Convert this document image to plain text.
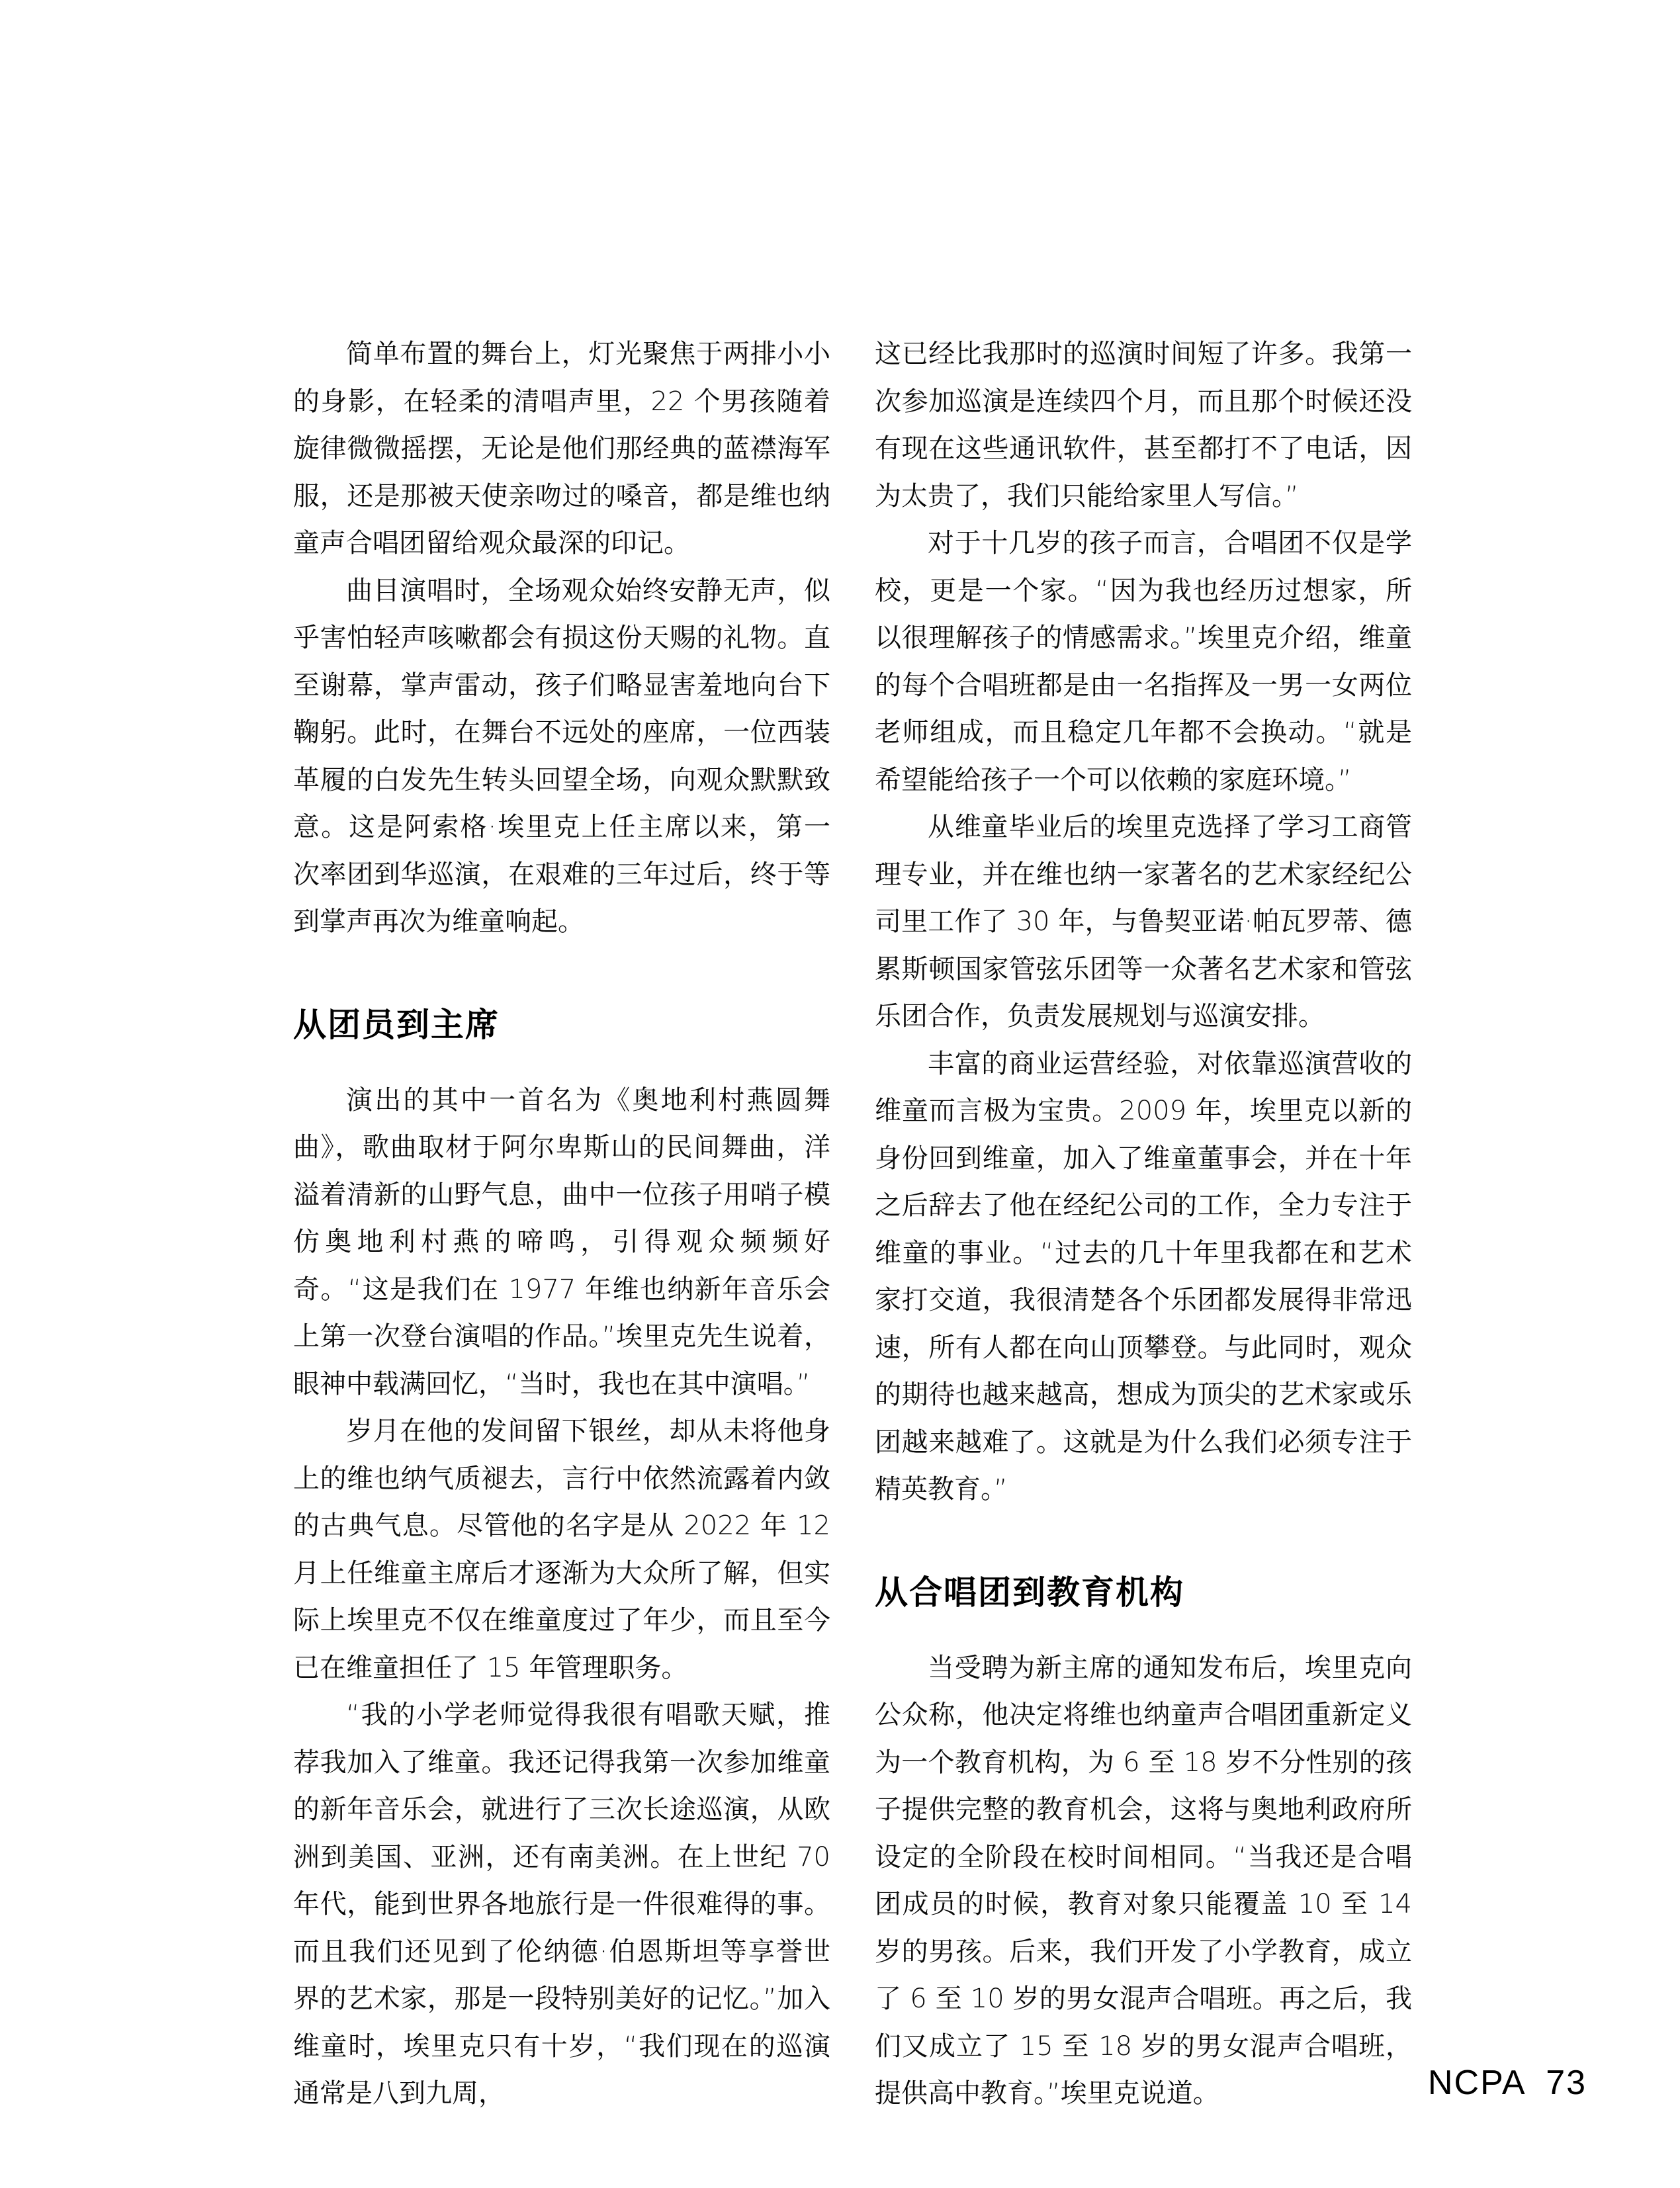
简单布置的舞台上，灯光聚焦于两排小小的身影，在轻柔的清唱声里，22 个男孩随着旋律微微摇摆，无论是他们那经典的蓝襟海军服，还是那被天使亲吻过的嗓音，都是维也纳童声合唱团留给观众最深的印记。

曲目演唱时，全场观众始终安静无声，似乎害怕轻声咳嗽都会有损这份天赐的礼物。直至谢幕，掌声雷动，孩子们略显害羞地向台下鞠躬。此时，在舞台不远处的座席，一位西装革履的白发先生转头回望全场，向观众默默致意。这是阿索格·埃里克上任主席以来，第一次率团到华巡演，在艰难的三年过后，终于等到掌声再次为维童响起。

从团员到主席

演出的其中一首名为《奥地利村燕圆舞曲》，歌曲取材于阿尔卑斯山的民间舞曲，洋溢着清新的山野气息，曲中一位孩子用哨子模仿奥地利村燕的啼鸣，引得观众频频好奇。“这是我们在 1977 年维也纳新年音乐会上第一次登台演唱的作品。”埃里克先生说着，眼神中载满回忆，“当时，我也在其中演唱。”

岁月在他的发间留下银丝，却从未将他身上的维也纳气质褪去，言行中依然流露着内敛的古典气息。尽管他的名字是从 2022 年 12 月上任维童主席后才逐渐为大众所了解，但实际上埃里克不仅在维童度过了年少，而且至今已在维童担任了 15 年管理职务。

“我的小学老师觉得我很有唱歌天赋，推荐我加入了维童。我还记得我第一次参加维童的新年音乐会，就进行了三次长途巡演，从欧洲到美国、亚洲，还有南美洲。在上世纪 70 年代，能到世界各地旅行是一件很难得的事。而且我们还见到了伦纳德·伯恩斯坦等享誉世界的艺术家，那是一段特别美好的记忆。”加入维童时，埃里克只有十岁，“我们现在的巡演通常是八到九周，

这已经比我那时的巡演时间短了许多。我第一次参加巡演是连续四个月，而且那个时候还没有现在这些通讯软件，甚至都打不了电话，因为太贵了，我们只能给家里人写信。”

对于十几岁的孩子而言，合唱团不仅是学校，更是一个家。“因为我也经历过想家，所以很理解孩子的情感需求。”埃里克介绍，维童的每个合唱班都是由一名指挥及一男一女两位老师组成，而且稳定几年都不会换动。“就是希望能给孩子一个可以依赖的家庭环境。”

从维童毕业后的埃里克选择了学习工商管理专业，并在维也纳一家著名的艺术家经纪公司里工作了 30 年，与鲁契亚诺·帕瓦罗蒂、德累斯顿国家管弦乐团等一众著名艺术家和管弦乐团合作，负责发展规划与巡演安排。

丰富的商业运营经验，对依靠巡演营收的维童而言极为宝贵。2009 年，埃里克以新的身份回到维童，加入了维童董事会，并在十年之后辞去了他在经纪公司的工作，全力专注于维童的事业。“过去的几十年里我都在和艺术家打交道，我很清楚各个乐团都发展得非常迅速，所有人都在向山顶攀登。与此同时，观众的期待也越来越高，想成为顶尖的艺术家或乐团越来越难了。这就是为什么我们必须专注于精英教育。”

从合唱团到教育机构

当受聘为新主席的通知发布后，埃里克向公众称，他决定将维也纳童声合唱团重新定义为一个教育机构，为 6 至 18 岁不分性别的孩子提供完整的教育机会，这将与奥地利政府所设定的全阶段在校时间相同。“当我还是合唱团成员的时候，教育对象只能覆盖 10 至 14 岁的男孩。后来，我们开发了小学教育，成立了 6 至 10 岁的男女混声合唱班。再之后，我们又成立了 15 至 18 岁的男女混声合唱班，提供高中教育。”埃里克说道。	NCPA 73
